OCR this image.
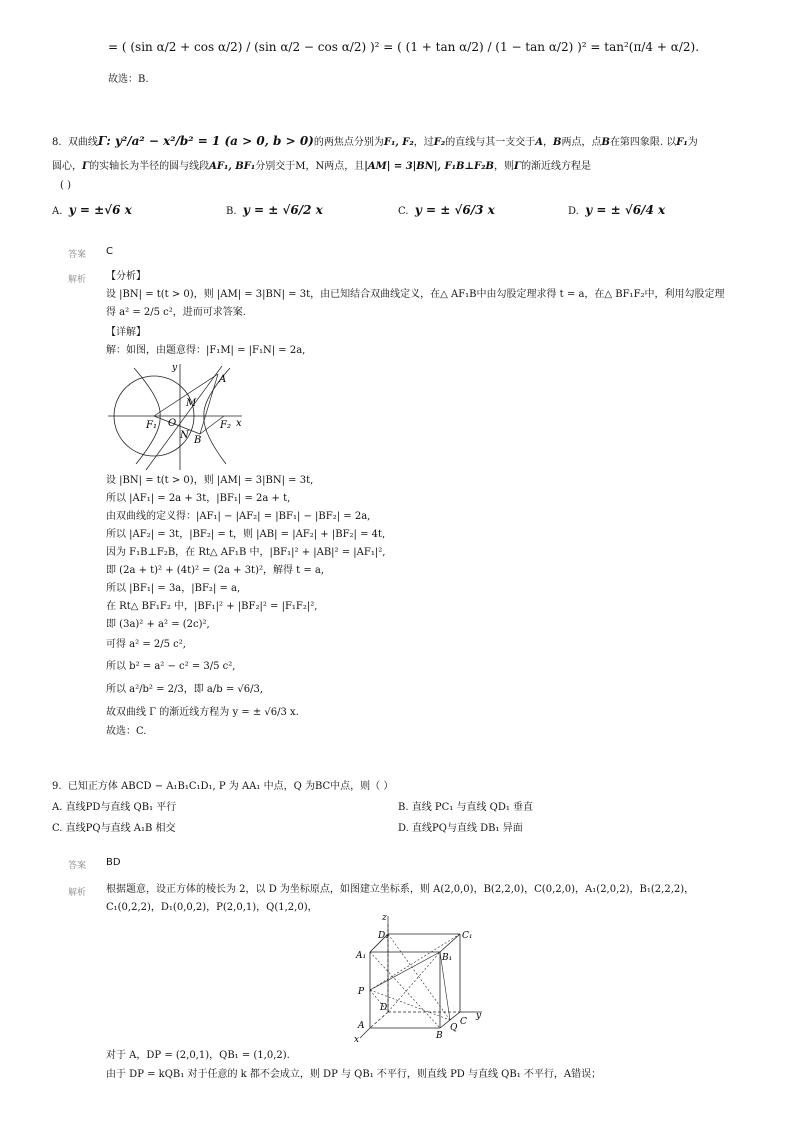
= ( (sin α/2 + cos α/2) / (sin α/2 − cos α/2) )² = ( (1 + tan α/2) / (1 − tan α/2) )² = tan²(π/4 + α/2).
故选：B.
8. 双曲线Γ: y²/a² − x²/b² = 1 (a > 0, b > 0)的两焦点分别为F₁, F₂，过F₂的直线与其一支交于A，B两点，点B在第四象限. 以F₁为
圆心，Γ的实轴长为半径的圆与线段AF₁, BF₁分别交于M，N两点，且|AM| = 3|BN|, F₁B⊥F₂B，则Γ的渐近线方程是
( )
A. y = ±√6 x	B. y = ± √6/2 x	C. y = ± √6/3 x	D. y = ± √6/4 x
答案 C
解析 【分析】
设 |BN| = t(t > 0)，则 |AM| = 3|BN| = 3t，由已知结合双曲线定义，在△ AF₁B中由勾股定理求得 t = a，在△ BF₁F₂中，利用勾股定理
得 a² = 2/5 c²，进而可求答案.
【详解】
解：如图，由题意得：|F₁M| = |F₁N| = 2a,
y
A
M
F₁ O	F₂ x
N B
设 |BN| = t(t > 0)，则 |AM| = 3|BN| = 3t,
所以 |AF₁| = 2a + 3t，|BF₁| = 2a + t,
由双曲线的定义得：|AF₁| − |AF₂| = |BF₁| − |BF₂| = 2a,
所以 |AF₂| = 3t，|BF₂| = t，则 |AB| = |AF₂| + |BF₂| = 4t,
因为 F₁B⊥F₂B，在 Rt△ AF₁B 中，|BF₁|² + |AB|² = |AF₁|²,
即 (2a + t)² + (4t)² = (2a + 3t)²，解得 t = a,
所以 |BF₁| = 3a，|BF₂| = a,
在 Rt△ BF₁F₂ 中，|BF₁|² + |BF₂|² = |F₁F₂|²,
即 (3a)² + a² = (2c)²,
可得 a² = 2/5 c²,
所以 b² = a² − c² = 3/5 c²,
所以 a²/b² = 2/3，即 a/b = √6/3,
故双曲线 Γ 的渐近线方程为 y = ± √6/3 x.
故选：C.
9. 已知正方体 ABCD − A₁B₁C₁D₁, P 为 AA₁ 中点，Q 为BC中点，则（ ）
A. 直线PD与直线 QB₁ 平行	B. 直线 PC₁ 与直线 QD₁ 垂直
C. 直线PQ与直线 A₁B 相交	D. 直线PQ与直线 DB₁ 异面
答案 BD
解析 根据题意，设正方体的棱长为 2，以 D 为坐标原点，如图建立坐标系，则 A(2,0,0)，B(2,2,0)，C(0,2,0)，A₁(2,0,2)，B₁(2,2,2)，
C₁(0,2,2)，D₁(0,0,2)，P(2,0,1)，Q(1,2,0)，
z
D₁	C₁
A₁	B₁
P
D
C
Q
y
A
B
x
对于 A，DP = (2,0,1)，QB₁ = (1,0,2).
由于 DP = kQB₁ 对于任意的 k 都不会成立，则 DP 与 QB₁ 不平行，则直线 PD 与直线 QB₁ 不平行，A错误；
